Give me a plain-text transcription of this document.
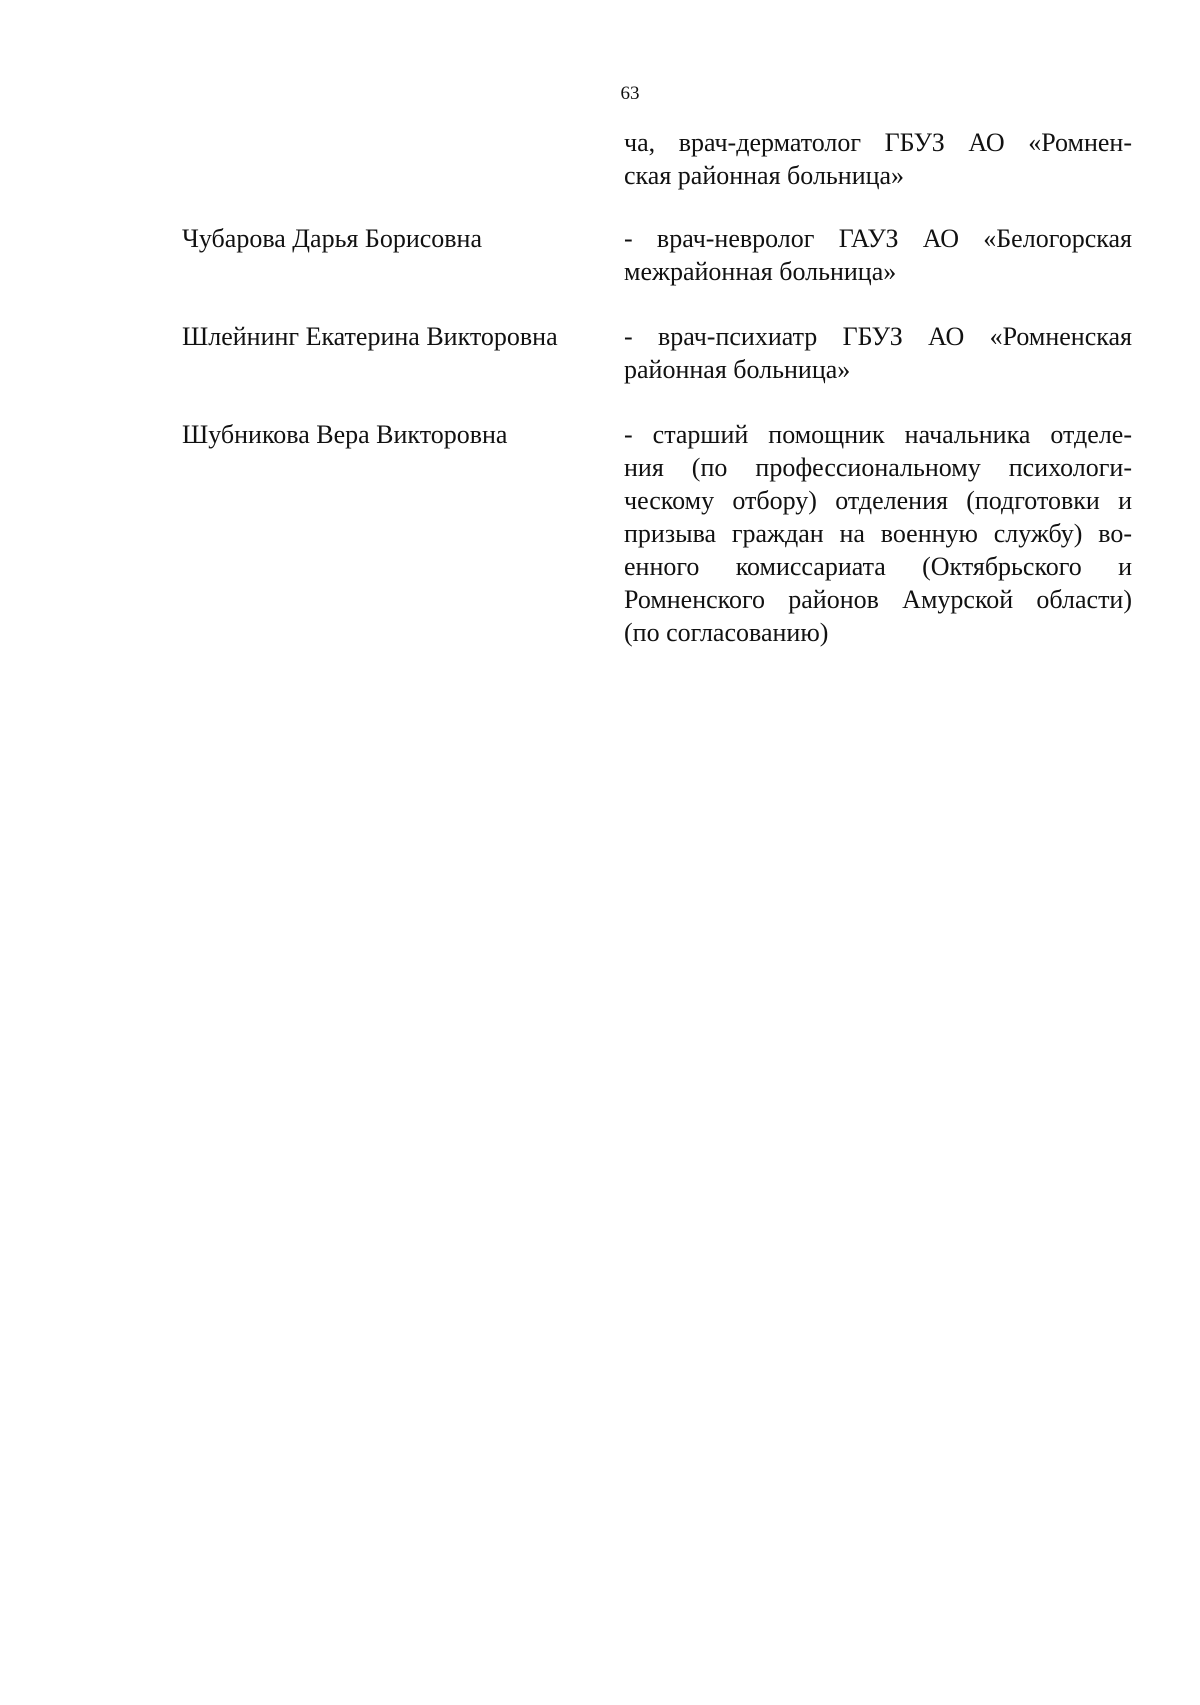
63
ча, врач-дерматолог ГБУЗ АО «Ромнен-
ская районная больница»
Чубарова Дарья Борисовна	- врач-невролог ГАУЗ АО «Белогорская
межрайонная больница»
Шлейнинг Екатерина Викторовна	- врач-психиатр ГБУЗ АО «Ромненская
районная больница»
Шубникова Вера Викторовна	- старший помощник начальника отделе-
ния (по профессиональному психологи-
ческому отбору) отделения (подготовки и
призыва граждан на военную службу) во-
енного комиссариата (Октябрьского и
Ромненского районов Амурской области)
(по согласованию)
